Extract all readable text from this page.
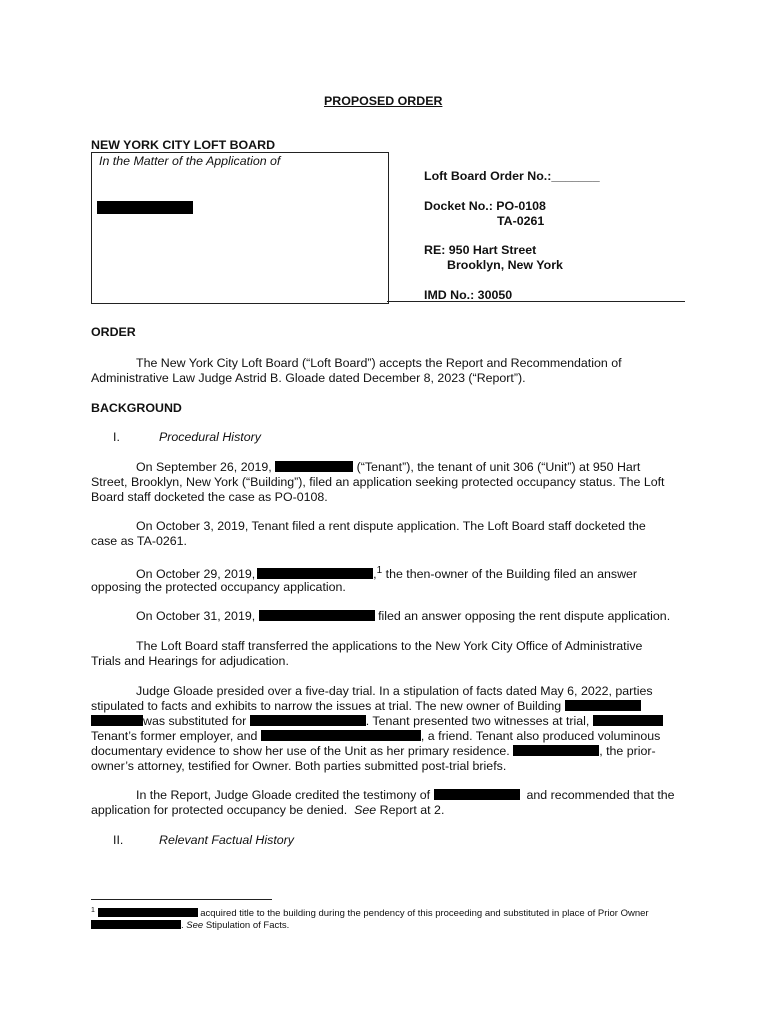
PROPOSED ORDER
NEW YORK CITY LOFT BOARD
In the Matter of the Application of
Loft Board Order No.:_______
Docket No.: PO-0108
TA-0261
RE: 950 Hart Street
Brooklyn, New York
IMD No.: 30050
ORDER
The New York City Loft Board (“Loft Board”) accepts the Report and Recommendation of
Administrative Law Judge Astrid B. Gloade dated December 8, 2023 (“Report”).
BACKGROUND
I.	Procedural History
On September 26, 2019,	(“Tenant”), the tenant of unit 306 (“Unit”) at 950 Hart
Street, Brooklyn, New York (“Building”), filed an application seeking protected occupancy status. The Loft
Board staff docketed the case as PO-0108.
On October 3, 2019, Tenant filed a rent dispute application. The Loft Board staff docketed the
case as TA-0261.
On October 29, 2019,	,$^1$ the then-owner of the Building filed an answer
opposing the protected occupancy application.
On October 31, 2019,	filed an answer opposing the rent dispute application.
The Loft Board staff transferred the applications to the New York City Office of Administrative
Trials and Hearings for adjudication.
Judge Gloade presided over a five-day trial. In a stipulation of facts dated May 6, 2022, parties
stipulated to facts and exhibits to narrow the issues at trial. The new owner of Building
was substituted for	. Tenant presented two witnesses at trial,
Tenant’s former employer, and	, a friend. Tenant also produced voluminous
documentary evidence to show her use of the Unit as her primary residence.	, the prior-
owner’s attorney, testified for Owner. Both parties submitted post-trial briefs.
In the Report, Judge Gloade credited the testimony of	and recommended that the
application for protected occupancy be denied. See Report at 2.
II.	Relevant Factual History
$^1$	acquired title to the building during the pendency of this proceeding and substituted in place of Prior Owner
. See Stipulation of Facts.
